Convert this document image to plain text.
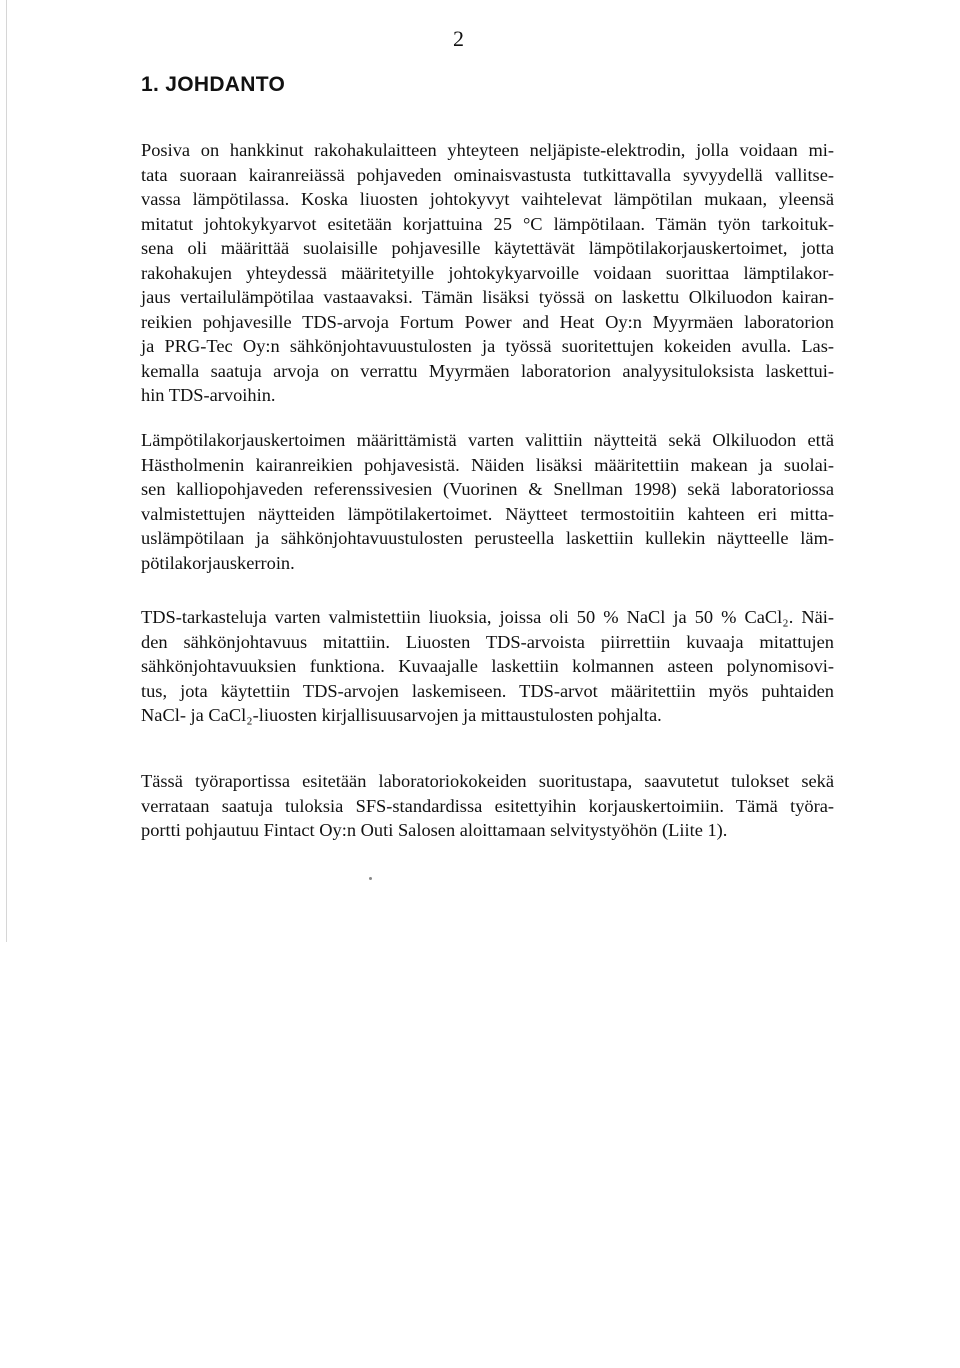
2
1. JOHDANTO

Posiva on hankkinut rakohakulaitteen yhteyteen neljäpiste-elektrodin, jolla voidaan mi-
tata suoraan kairanreiässä pohjaveden ominaisvastusta tutkittavalla syvyydellä vallitse-
vassa lämpötilassa. Koska liuosten johtokyvyt vaihtelevat lämpötilan mukaan, yleensä
mitatut johtokykyarvot esitetään korjattuina 25 °C lämpötilaan. Tämän työn tarkoituk-
sena oli määrittää suolaisille pohjavesille käytettävät lämpötilakorjauskertoimet, jotta
rakohakujen yhteydessä määritetyille johtokykyarvoille voidaan suorittaa lämptilakor-
jaus vertailulämpötilaa vastaavaksi. Tämän lisäksi työssä on laskettu Olkiluodon kairan-
reikien pohjavesille TDS-arvoja Fortum Power and Heat Oy:n Myyrmäen laboratorion
ja PRG-Tec Oy:n sähkönjohtavuustulosten ja työssä suoritettujen kokeiden avulla. Las-
kemalla saatuja arvoja on verrattu Myyrmäen laboratorion analyysituloksista laskettui-
hin TDS-arvoihin.

Lämpötilakorjauskertoimen määrittämistä varten valittiin näytteitä sekä Olkiluodon että
Hästholmenin kairanreikien pohjavesistä. Näiden lisäksi määritettiin makean ja suolai-
sen kalliopohjaveden referenssivesien (Vuorinen & Snellman 1998) sekä laboratoriossa
valmistettujen näytteiden lämpötilakertoimet. Näytteet termostoitiin kahteen eri mitta-
uslämpötilaan ja sähkönjohtavuustulosten perusteella laskettiin kullekin näytteelle läm-
pötilakorjauskerroin.

TDS-tarkasteluja varten valmistettiin liuoksia, joissa oli 50 % NaCl ja 50 % CaCl₂. Näi-
den sähkönjohtavuus mitattiin. Liuosten TDS-arvoista piirrettiin kuvaaja mitattujen
sähkönjohtavuuksien funktiona. Kuvaajalle laskettiin kolmannen asteen polynomisovi-
tus, jota käytettiin TDS-arvojen laskemiseen. TDS-arvot määritettiin myös puhtaiden
NaCl- ja CaCl₂-liuosten kirjallisuusarvojen ja mittaustulosten pohjalta.

Tässä työraportissa esitetään laboratoriokokeiden suoritustapa, saavutetut tulokset sekä
verrataan saatuja tuloksia SFS-standardissa esitettyihin korjauskertoimiin. Tämä työra-
portti pohjautuu Fintact Oy:n Outi Salosen aloittamaan selvitystyöhön (Liite 1).
